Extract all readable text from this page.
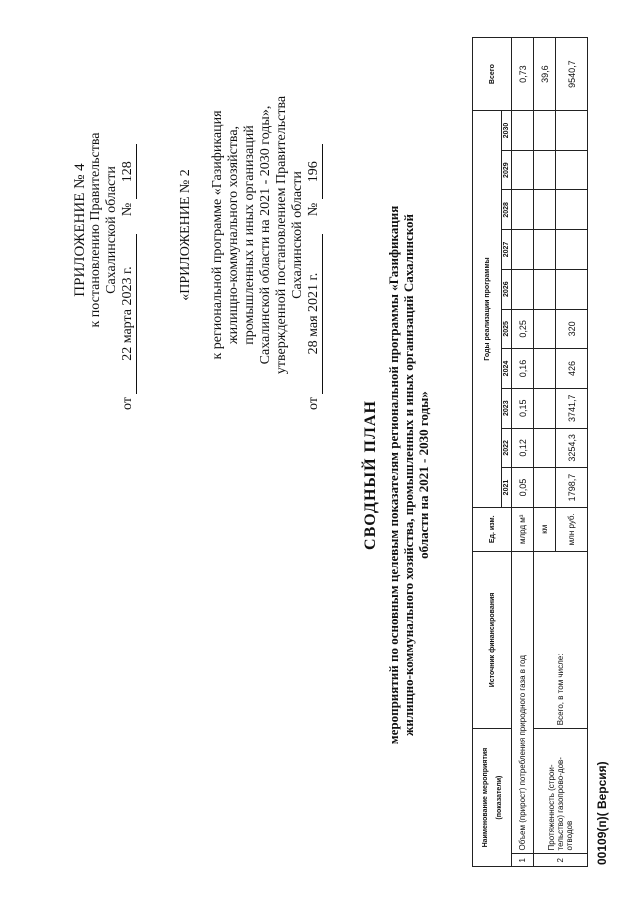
ПРИЛОЖЕНИЕ № 4 к постановлению Правительства Сахалинской области
от 22 марта 2023 г. № 128	«ПРИЛОЖЕНИЕ № 2 к региональной программе «Газификация жилищно-коммунального хозяйства, промышленных и иных организаций Сахалинской области на 2021 - 2030 годы», утвержденной постановлением Правительства Сахалинской области
от 28 мая 2021 г. № 196
СВОДНЫЙ ПЛАН мероприятий по основным целевым показателям региональной программы «Газификация жилищно-коммунального хозяйства, промышленных и иных организаций Сахалинской области на 2021 - 2030 годы»
Наименование мероприятия (показатели)		Источник финансирования	Ед. изм.	Годы реализации программы										Всего
				2021	2022	2023	2024	2025	2026	2027	2028	2029	2030	
1	Объем (прирост) потребления природного газа в год		млрд м³	0,05	0,12	0,15	0,16	0,25						0,73
2	Протяженность (строи-тельство) газопрово-дов-отводов	Всего, в том числе:	км											39,6
			млн руб.	1798,7	3254,3	3741,7	426	320						9540,7
00109(п)( Версия)
